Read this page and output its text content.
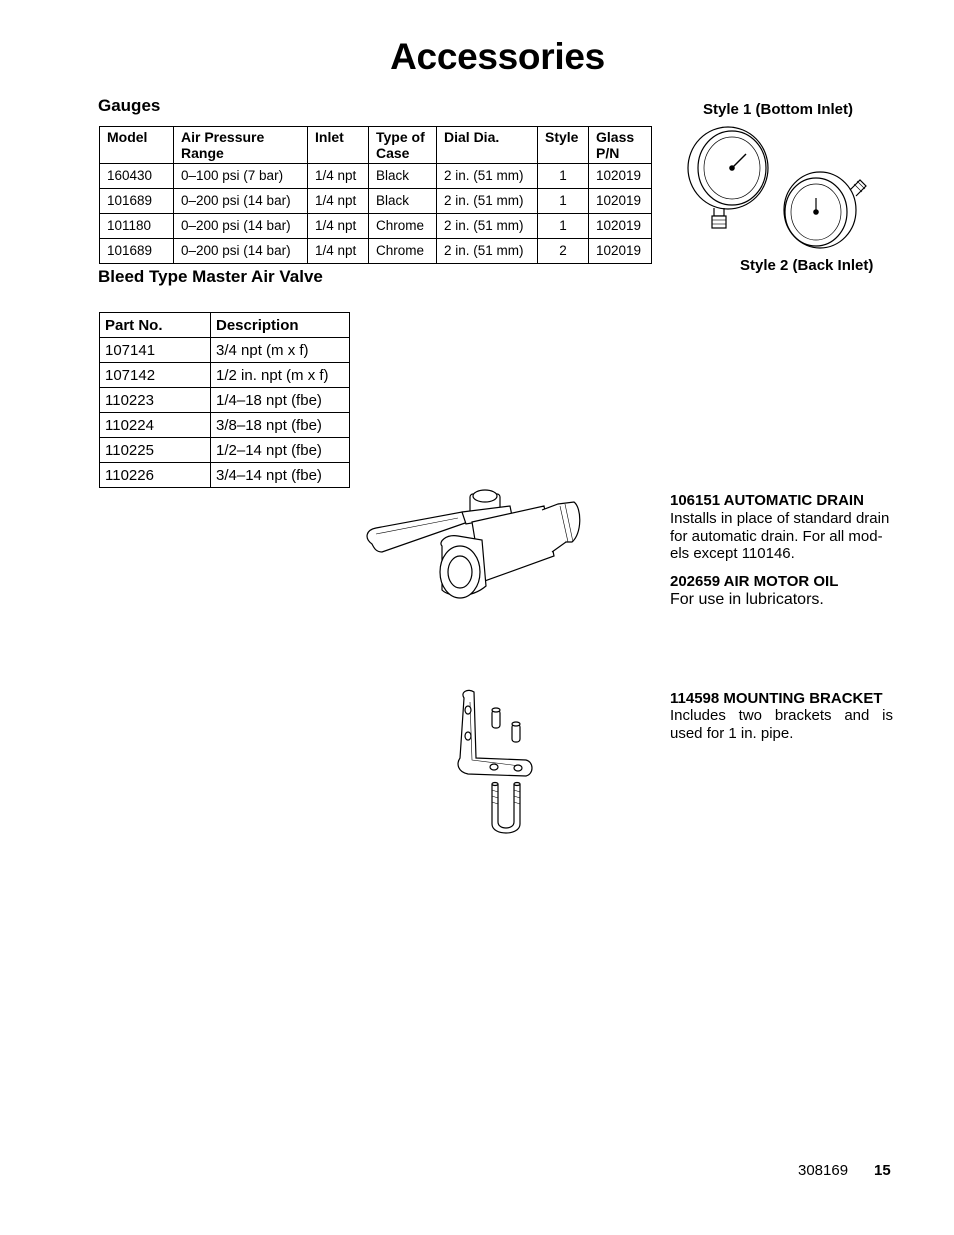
Accessories
Gauges
Model	Air Pressure Range	Inlet	Type of Case	Dial Dia.	Style	Glass P/N
160430	0–100 psi (7 bar)	1/4 npt	Black	2 in. (51 mm)	1	102019
101689	0–200 psi (14 bar)	1/4 npt	Black	2 in. (51 mm)	1	102019
101180	0–200 psi (14 bar)	1/4 npt	Chrome	2 in. (51 mm)	1	102019
101689	0–200 psi (14 bar)	1/4 npt	Chrome	2 in. (51 mm)	2	102019
Style 1 (Bottom Inlet)
Style 2 (Back Inlet)
Bleed Type Master Air Valve
Part No.	Description
107141	3/4 npt (m x f)
107142	1/2 in. npt (m x f)
110223	1/4–18 npt (fbe)
110224	3/8–18 npt (fbe)
110225	1/2–14 npt (fbe)
110226	3/4–14 npt (fbe)
106151 AUTOMATIC DRAIN
Installs in place of standard drain
for automatic drain. For all mod-
els except 110146.
202659 AIR MOTOR OIL
For use in lubricators.
114598 MOUNTING BRACKET
Includes two brackets and is
used for 1 in. pipe.
308169 15
